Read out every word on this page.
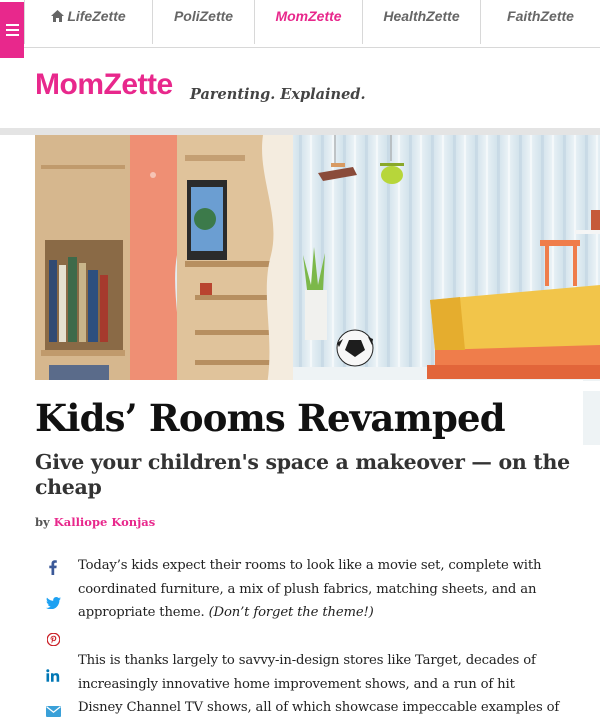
LifeZette	PoliZette	MomZette	HealthZette	FaithZette
MomZette Parenting. Explained.
Kids’ Rooms Revamped
Give your children's space a makeover — on the cheap
by Kalliope Konjas
Today’s kids expect their rooms to look like a movie set, complete with
coordinated furniture, a mix of plush fabrics, matching sheets, and an
appropriate theme. (Don’t forget the theme!)
This is thanks largely to savvy-in-design stores like Target, decades of
increasingly innovative home improvement shows, and a run of hit
Disney Channel TV shows, all of which showcase impeccable examples of
